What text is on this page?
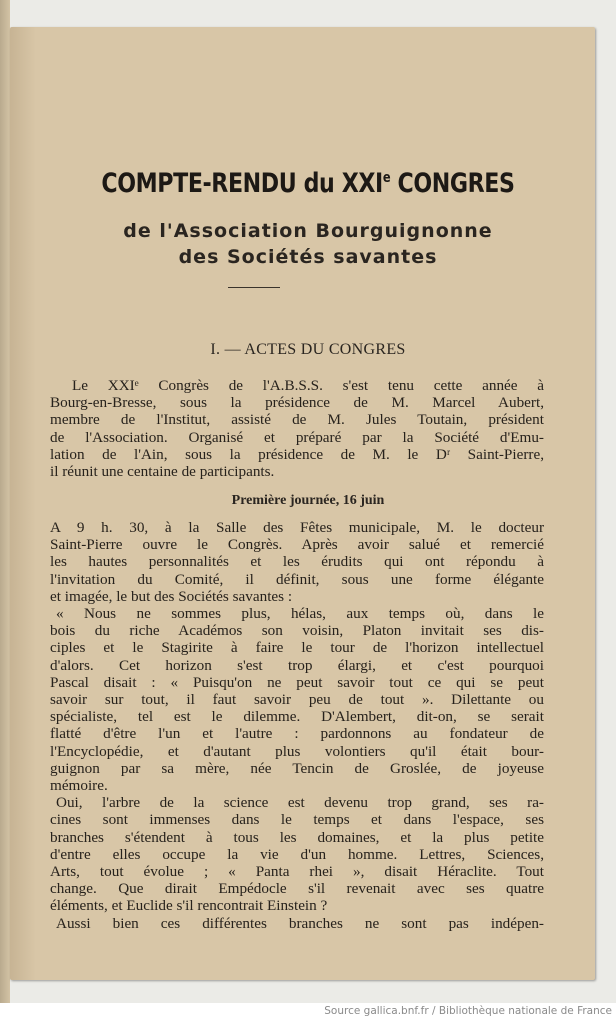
COMPTE-RENDU du XXIe CONGRES
de l'Association Bourguignonne
des Sociétés savantes
I. — ACTES DU CONGRES
Le XXIᵉ Congrès de l'A.B.S.S. s'est tenu cette année à
Bourg-en-Bresse, sous la présidence de M. Marcel Aubert,
membre de l'Institut, assisté de M. Jules Toutain, président
de l'Association. Organisé et préparé par la Société d'Emu-
lation de l'Ain, sous la présidence de M. le Dʳ Saint-Pierre,
il réunit une centaine de participants.
Première journée, 16 juin
A 9 h. 30, à la Salle des Fêtes municipale, M. le docteur
Saint-Pierre ouvre le Congrès. Après avoir salué et remercié
les hautes personnalités et les érudits qui ont répondu à
l'invitation du Comité, il définit, sous une forme élégante
et imagée, le but des Sociétés savantes :
« Nous ne sommes plus, hélas, aux temps où, dans le
bois du riche Académos son voisin, Platon invitait ses dis-
ciples et le Stagirite à faire le tour de l'horizon intellectuel
d'alors. Cet horizon s'est trop élargi, et c'est pourquoi
Pascal disait : « Puisqu'on ne peut savoir tout ce qui se peut
savoir sur tout, il faut savoir peu de tout ». Dilettante ou
spécialiste, tel est le dilemme. D'Alembert, dit-on, se serait
flatté d'être l'un et l'autre : pardonnons au fondateur de
l'Encyclopédie, et d'autant plus volontiers qu'il était bour-
guignon par sa mère, née Tencin de Groslée, de joyeuse
mémoire.
Oui, l'arbre de la science est devenu trop grand, ses ra-
cines sont immenses dans le temps et dans l'espace, ses
branches s'étendent à tous les domaines, et la plus petite
d'entre elles occupe la vie d'un homme. Lettres, Sciences,
Arts, tout évolue ; « Panta rhei », disait Héraclite. Tout
change. Que dirait Empédocle s'il revenait avec ses quatre
éléments, et Euclide s'il rencontrait Einstein ?
Aussi bien ces différentes branches ne sont pas indépen-
Source gallica.bnf.fr / Bibliothèque nationale de France
